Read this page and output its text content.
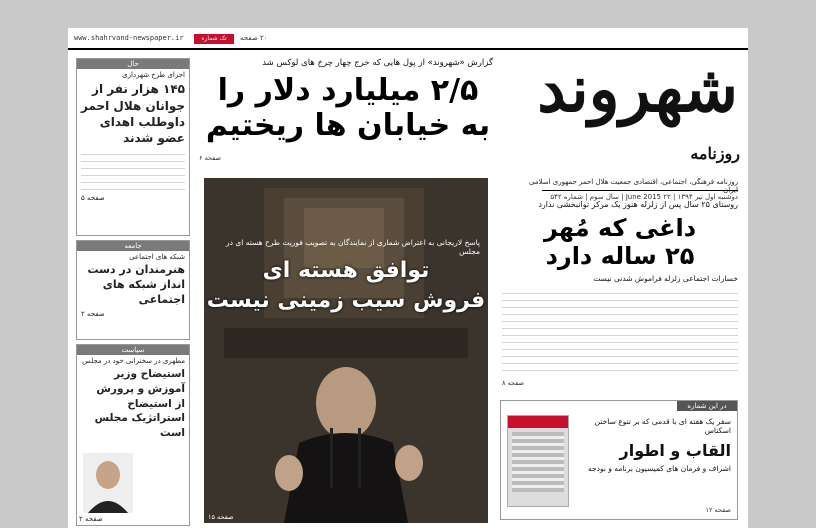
www.shahrvand-newspaper.ir	تک شماره	۲۰ صفحه
شهروند
روزنامه
روزنامه فرهنگی، اجتماعی، اقتصادی جمعیت هلال احمر جمهوری اسلامی ایران
دوشنبه اول تیر ۱۳۹۴ | ۲۲ June 2015 | سال سوم | شماره ۵۴۲
گزارش «شهروند» از پول هایی که خرج چهار چرخ های لوکس شد
۲/۵ میلیارد دلار را
به خیابان ها ریختیم
صفحه ۶
پاسخ لاریجانی به اعتراض شماری از نمایندگان به تصویب فوریت طرح هسته ای در مجلس
توافق هسته ای
فروش سیب زمینی نیست
صفحه ۱۵
روستای ۲۵ سال پس از زلزله هنوز یک مرکز توانبخشی ندارد
داغی که مُهر
۲۵ ساله دارد
خسارات اجتماعی زلزله فراموش شدنی نیست
صفحه ۸
در این شماره
سفر یک هفته ای با قدمی که بر تنوع ساختن اسکناس
القاب و اطوار
اشراف و فرمان های کمیسیون برنامه و بودجه
صفحه ۱۲
حال

اجرای طرح شهرداری

۱۴۵ هزار نفر از جوانان هلال احمر داوطلب اهدای عضو شدند

صفحه ۵

جامعه

شبکه های اجتماعی

هنرمندان در دست انداز شبکه های اجتماعی

صفحه ۲

سیاست

مطهری در سخنرانی خود در مجلس

استیضاح وزیر آموزش و پرورش از استیضاح استراتژیک مجلس است

صفحه ۲
